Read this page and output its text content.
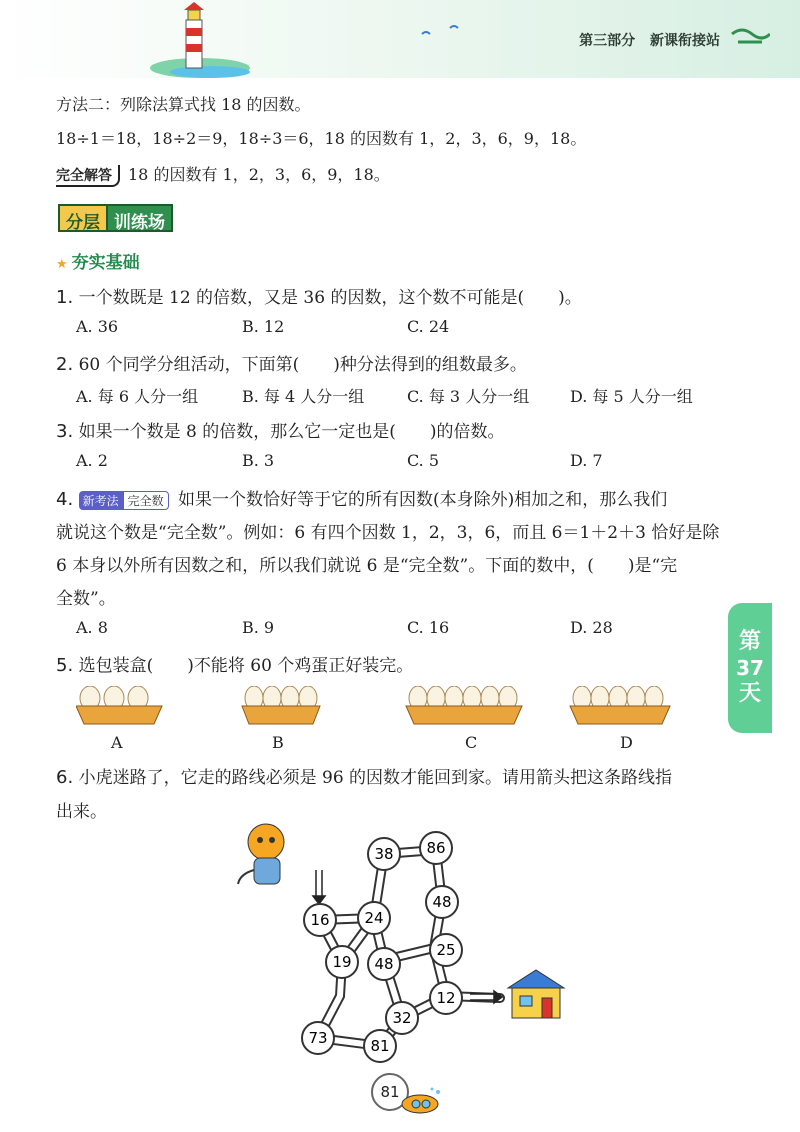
第三部分 新课衔接站
第
37
天
方法二：列除法算式找 18 的因数。
18÷1＝18，18÷2＝9，18÷3＝6，18 的因数有 1，2，3，6，9，18。
完全解答 18 的因数有 1，2，3，6，9，18。
分层 训练场
★ 夯实基础
1. 一个数既是 12 的倍数，又是 36 的因数，这个数不可能是(　　)。
A. 36	B. 12	C. 24
2. 60 个同学分组活动，下面第(　　)种分法得到的组数最多。
A. 每 6 人分一组	B. 每 4 人分一组	C. 每 3 人分一组	D. 每 5 人分一组
3. 如果一个数是 8 的倍数，那么它一定也是(　　)的倍数。
A. 2	B. 3	C. 5	D. 7
4. 新考法 完全数 如果一个数恰好等于它的所有因数(本身除外)相加之和，那么我们
就说这个数是“完全数”。例如：6 有四个因数 1，2，3，6，而且 6＝1＋2＋3 恰好是除
6 本身以外所有因数之和，所以我们就说 6 是“完全数”。下面的数中，(　　)是“完
全数”。
A. 8	B. 9	C. 16	D. 28
5. 选包装盒(　　)不能将 60 个鸡蛋正好装完。
A	B	C	D
6. 小虎迷路了，它走的路线必须是 96 的因数才能回到家。请用箭头把这条路线指
出来。
38 86
48
16 24
25
19 48
12
32
73	81
81
